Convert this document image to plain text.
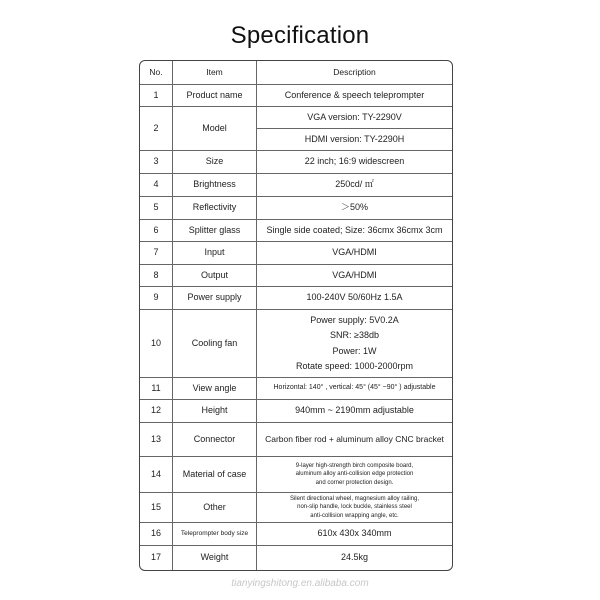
Specification
No.	Item	Description
1	Product name	Conference & speech teleprompter
2	Model
VGA version: TY-2290V
HDMI version: TY-2290H
3	Size	22 inch; 16:9 widescreen
4	Brightness	250cd/ ㎡
5	Reflectivity	＞50%
6	Splitter glass	Single side coated; Size: 36cmx 36cmx 3cm
7	Input	VGA/HDMI
8	Output	VGA/HDMI
9	Power supply	100-240V 50/60Hz 1.5A
10	Cooling fan
Power supply: 5V0.2A
SNR: ≥38db
Power: 1W
Rotate speed: 1000-2000rpm
11	View angle	Horizontal: 140° , vertical: 45° (45° ~90° ) adjustable
12	Height	940mm ~ 2190mm adjustable
13	Connector	Carbon fiber rod + aluminum alloy CNC bracket
14	Material of case
9-layer high-strength birch composite board,
aluminum alloy anti-collision edge protection
and corner protection design.
15	Other
Silent directional wheel, magnesium alloy railing,
non-slip handle, lock buckle, stainless steel
anti-collision wrapping angle, etc.
16	Teleprompter body size	610x 430x 340mm
17	Weight	24.5kg
tianyingshitong.en.alibaba.com
